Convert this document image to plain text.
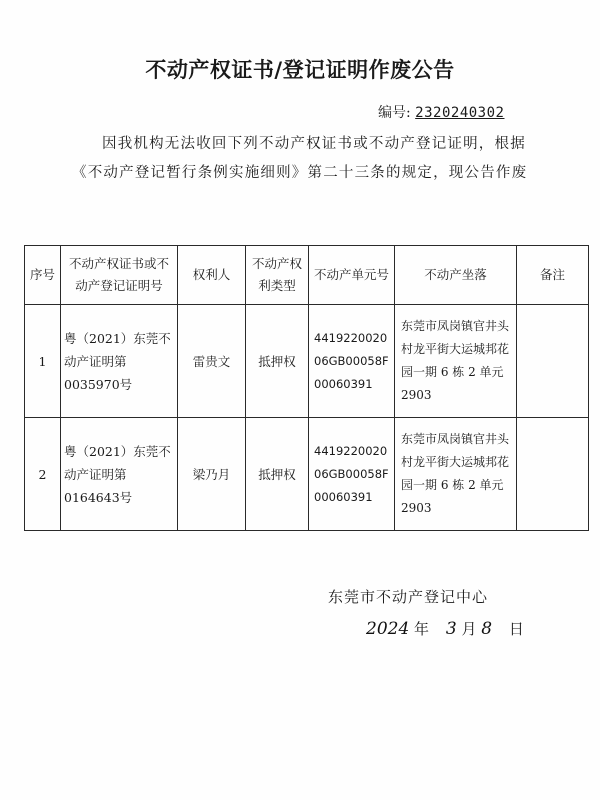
不动产权证书/登记证明作废公告
编号: 2320240302
因我机构无法收回下列不动产权证书或不动产登记证明，根据《不动产登记暂行条例实施细则》第二十三条的规定，现公告作废
序号	不动产权证书或不动产登记证明号	权利人	不动产权利类型	不动产单元号	不动产坐落	备注
1	粤（2021）东莞不动产证明第0035970号	雷贵文	抵押权	441922002006GB00058F00060391	东莞市凤岗镇官井头村龙平街大运城邦花园一期 6 栋 2 单元 2903	
2	粤（2021）东莞不动产证明第0164643号	梁乃月	抵押权	441922002006GB00058F00060391	东莞市凤岗镇官井头村龙平街大运城邦花园一期 6 栋 2 单元 2903	
东莞市不动产登记中心
2024 年 3 月 8 日
